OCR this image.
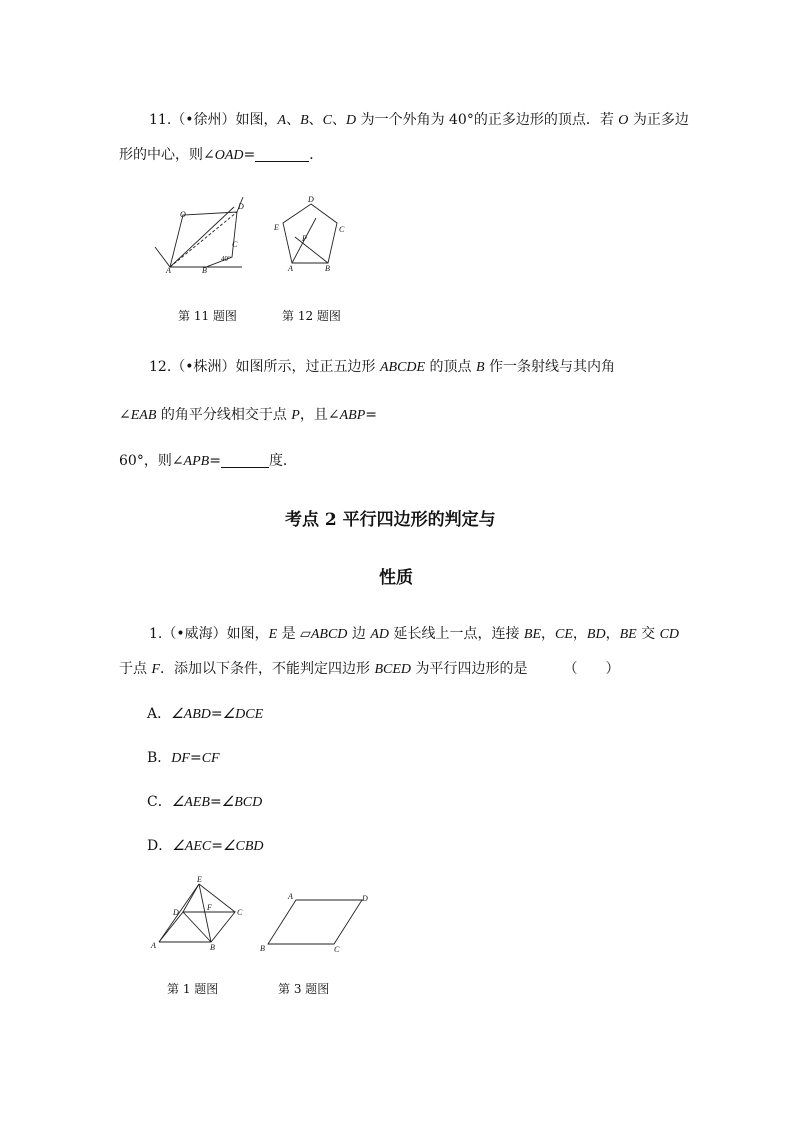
11.（•徐州）如图，A、B、C、D 为一个外角为 40°的正多边形的顶点．若 O 为正多边
形的中心，则∠OAD=	．
O
D
C
A	B
40°
第 11 题图
D
E	C
A	B
P
第 12 题图
12.（•株洲）如图所示，过正五边形 ABCDE 的顶点 B 作一条射线与其内角
∠EAB 的角平分线相交于点 P，且∠ABP=
60°，则∠APB=	度．
考点 2 平行四边形的判定与
性质
1.（•威海）如图，E 是 ▱ABCD 边 AD 延长线上一点，连接 BE，CE，BD，BE 交 CD
于点 F．添加以下条件，不能判定四边形 BCED 为平行四边形的是	（　　）
A．∠ABD=∠DCE
B．DF=CF
C．∠AEB=∠BCD
D．∠AEC=∠CBD
E
D
F
C
A	B
第 1 题图
A	D
B	C
第 3 题图
